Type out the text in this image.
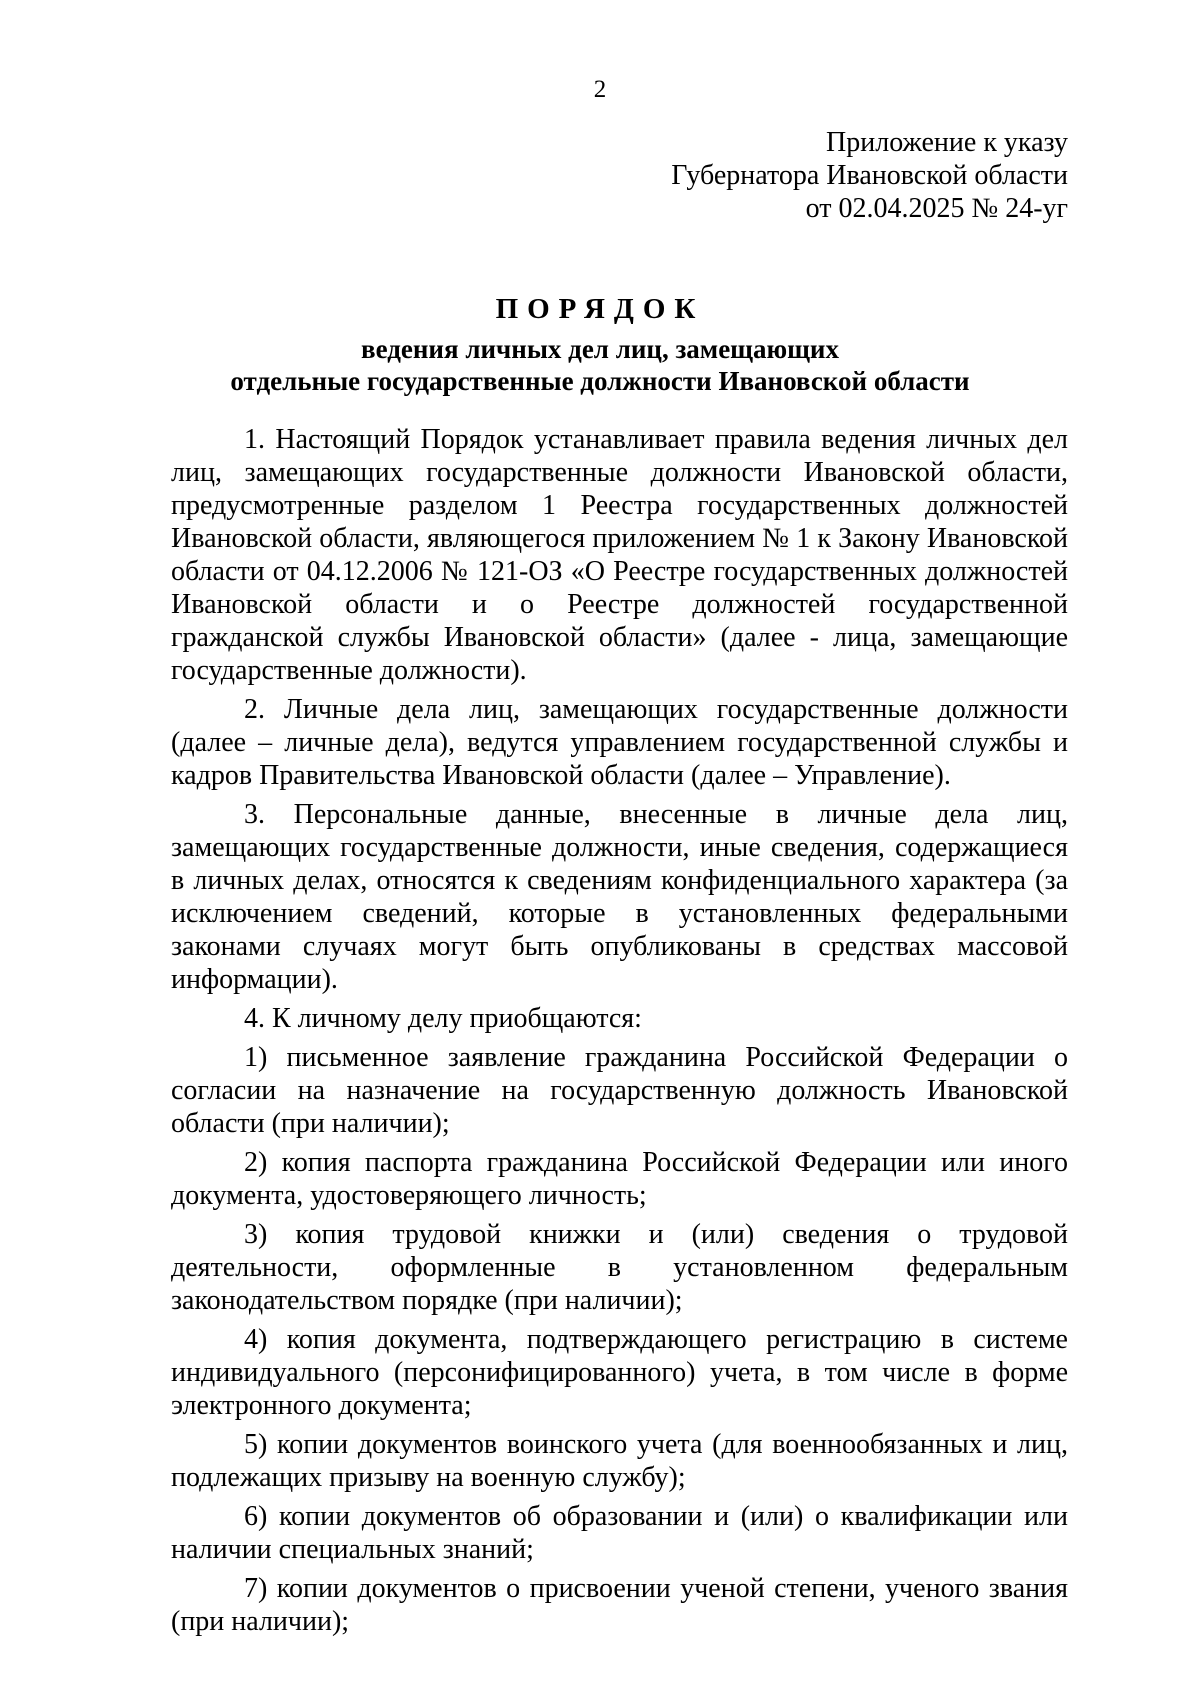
2
Приложение к указу
Губернатора Ивановской области
от 02.04.2025 № 24-уг
ПОРЯДОК
ведения личных дел лиц, замещающих
отдельные государственные должности Ивановской области

1. Настоящий Порядок устанавливает правила ведения личных дел лиц, замещающих государственные должности Ивановской области, предусмотренные разделом 1 Реестра государственных должностей Ивановской области, являющегося приложением № 1 к Закону Ивановской области от 04.12.2006 № 121-ОЗ «О Реестре государственных должностей Ивановской области и о Реестре должностей государственной гражданской службы Ивановской области» (далее - лица, замещающие государственные должности).

2. Личные дела лиц, замещающих государственные должности (далее – личные дела), ведутся управлением государственной службы и кадров Правительства Ивановской области (далее – Управление).

3. Персональные данные, внесенные в личные дела лиц, замещающих государственные должности, иные сведения, содержащиеся в личных делах, относятся к сведениям конфиденциального характера (за исключением сведений, которые в установленных федеральными законами случаях могут быть опубликованы в средствах массовой информации).

4. К личному делу приобщаются:

1) письменное заявление гражданина Российской Федерации о согласии на назначение на государственную должность Ивановской области (при наличии);

2) копия паспорта гражданина Российской Федерации или иного документа, удостоверяющего личность;

3) копия трудовой книжки и (или) сведения о трудовой деятельности, оформленные в установленном федеральным законодательством порядке (при наличии);

4) копия документа, подтверждающего регистрацию в системе индивидуального (персонифицированного) учета, в том числе в форме электронного документа;

5) копии документов воинского учета (для военнообязанных и лиц, подлежащих призыву на военную службу);

6) копии документов об образовании и (или) о квалификации или наличии специальных знаний;

7) копии документов о присвоении ученой степени, ученого звания (при наличии);
